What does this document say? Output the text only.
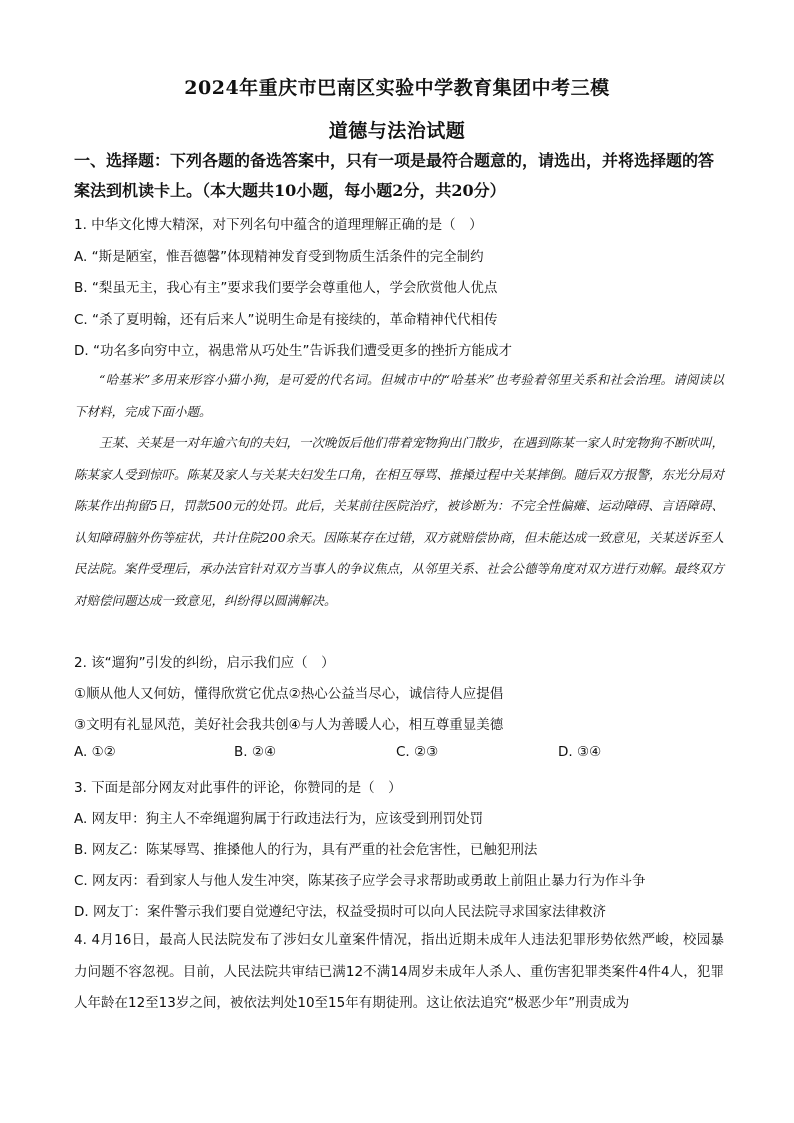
2024年重庆市巴南区实验中学教育集团中考三模
道德与法治试题
一、选择题：下列各题的备选答案中，只有一项是最符合题意的，请选出，并将选择题的答案法到机读卡上。（本大题共10小题，每小题2分，共20分）
1. 中华文化博大精深，对下列名句中蕴含的道理理解正确的是（　）
A. “斯是陋室，惟吾德馨”体现精神发育受到物质生活条件的完全制约
B. “梨虽无主，我心有主”要求我们要学会尊重他人，学会欣赏他人优点
C. “杀了夏明翰，还有后来人”说明生命是有接续的，革命精神代代相传
D. “功名多向穷中立，祸患常从巧处生”告诉我们遭受更多的挫折方能成才

“哈基米”多用来形容小猫小狗，是可爱的代名词。但城市中的“哈基米”也考验着邻里关系和社会治理。请阅读以下材料，完成下面小题。

王某、关某是一对年逾六旬的夫妇，一次晚饭后他们带着宠物狗出门散步，在遇到陈某一家人时宠物狗不断吠叫，陈某家人受到惊吓。陈某及家人与关某夫妇发生口角，在相互辱骂、推搡过程中关某摔倒。随后双方报警，东光分局对陈某作出拘留5日，罚款500元的处罚。此后，关某前往医院治疗，被诊断为：不完全性偏瘫、运动障碍、言语障碍、认知障碍脑外伤等症状，共计住院200余天。因陈某存在过错，双方就赔偿协商，但未能达成一致意见，关某送诉至人民法院。案件受理后，承办法官针对双方当事人的争议焦点，从邻里关系、社会公德等角度对双方进行劝解。最终双方对赔偿问题达成一致意见，纠纷得以圆满解决。

2. 该“遛狗”引发的纠纷，启示我们应（　）
①顺从他人又何妨，懂得欣赏它优点②热心公益当尽心，诚信待人应提倡
③文明有礼显风范，美好社会我共创④与人为善暖人心，相互尊重显美德
A. ①②	B. ②④	C. ②③	D. ③④
3. 下面是部分网友对此事件的评论，你赞同的是（　）
A. 网友甲：狗主人不牵绳遛狗属于行政违法行为，应该受到刑罚处罚
B. 网友乙：陈某辱骂、推搡他人的行为，具有严重的社会危害性，已触犯刑法
C. 网友丙：看到家人与他人发生冲突，陈某孩子应学会寻求帮助或勇敢上前阻止暴力行为作斗争
D. 网友丁：案件警示我们要自觉遵纪守法，权益受损时可以向人民法院寻求国家法律救济
4. 4月16日，最高人民法院发布了涉妇女儿童案件情况，指出近期未成年人违法犯罪形势依然严峻，校园暴力问题不容忽视。目前，人民法院共审结已满12不满14周岁未成年人杀人、重伤害犯罪类案件4件4人，犯罪人年龄在12至13岁之间，被依法判处10至15年有期徒刑。这让依法追究“极恶少年”刑责成为
